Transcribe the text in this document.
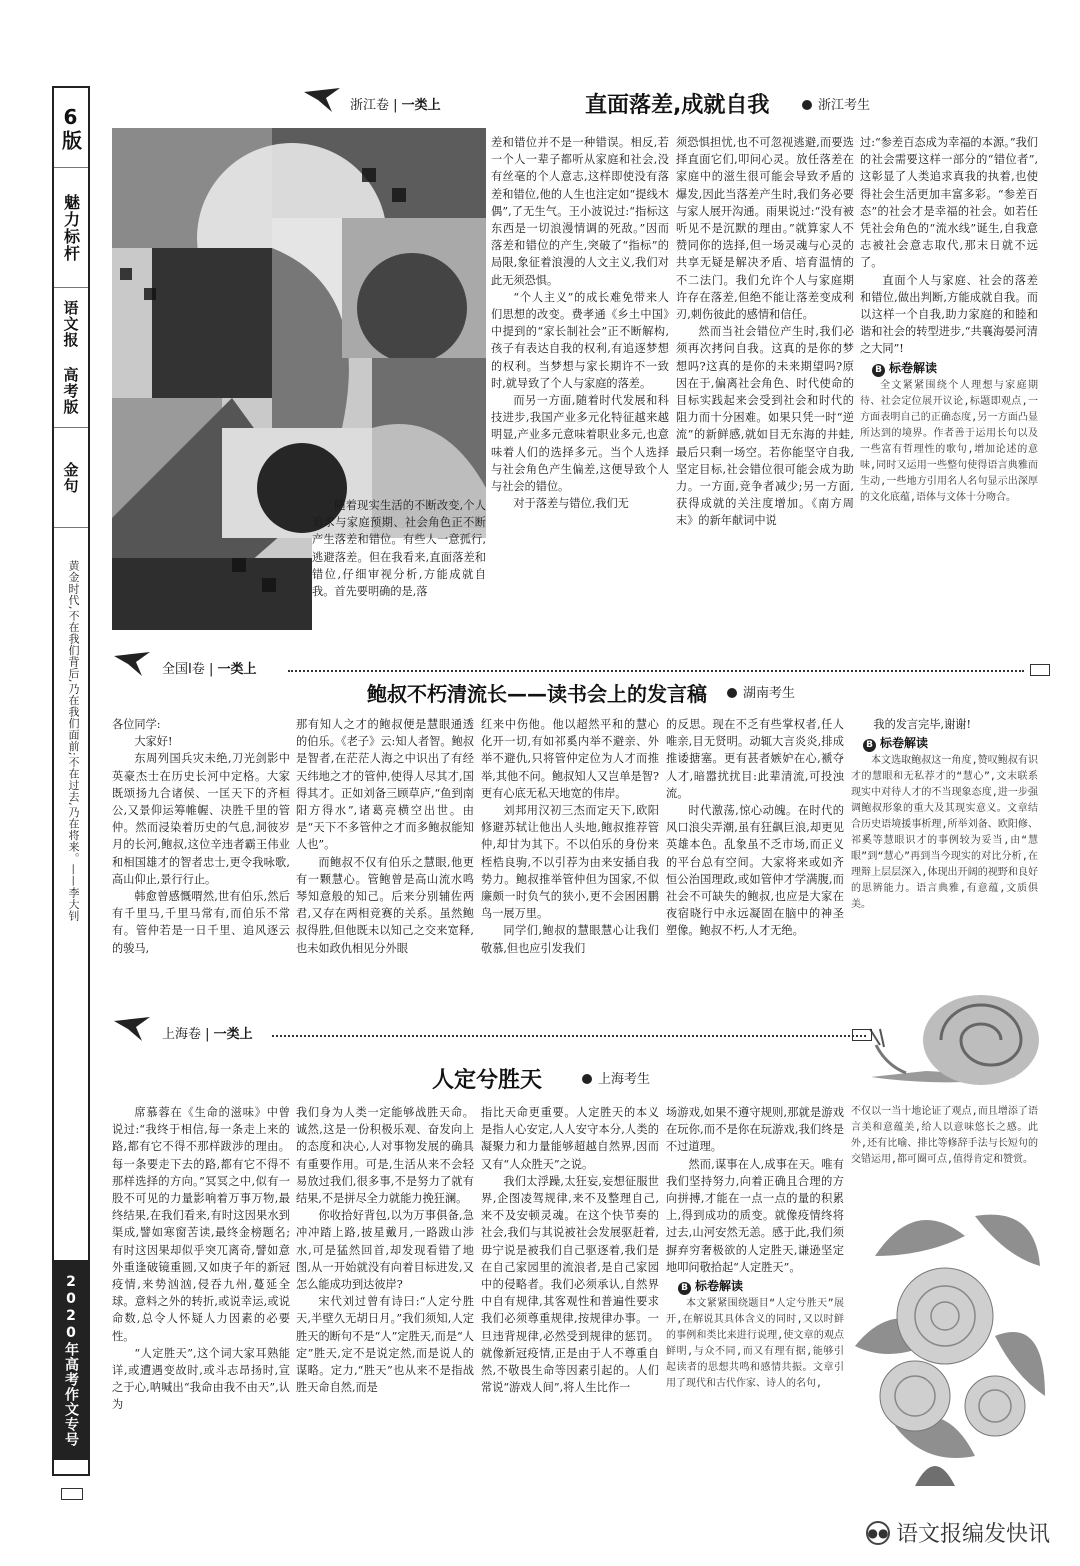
6版
魅力标杆
语文报 高考版
金句
2020年高考作文专号
黄金时代,不在我们背后,乃在我们面前;不在过去,乃在将来。——李大钊
浙江卷 | 一类上	直面落差,成就自我	浙江考生

随着现实生活的不断改变,个人追求与家庭预期、社会角色正不断产生落差和错位。有些人一意孤行,逃避落差。但在我看来,直面落差和错位,仔细审视分析,方能成就自我。首先要明确的是,落

差和错位并不是一种错误。相反,若一个人一辈子都听从家庭和社会,没有丝毫的个人意志,这样即使没有落差和错位,他的人生也注定如“提线木偶”,了无生气。王小波说过:“指标这东西是一切浪漫情调的死敌。”因而落差和错位的产生,突破了“指标”的局限,象征着浪漫的人文主义,我们对此无须恐惧。

“个人主义”的成长难免带来人们思想的改变。费孝通《乡土中国》中提到的“家长制社会”正不断解构,孩子有表达自我的权利,有追逐梦想的权利。当梦想与家长期许不一致时,就导致了个人与家庭的落差。

而另一方面,随着时代发展和科技进步,我国产业多元化特征越来越明显,产业多元意味着职业多元,也意味着人们的选择多元。当个人选择与社会角色产生偏差,这便导致个人与社会的错位。

对于落差与错位,我们无

须恐惧担忧,也不可忽视逃避,而要选择直面它们,叩问心灵。放任落差在家庭中的滋生很可能会导致矛盾的爆发,因此当落差产生时,我们务必要与家人展开沟通。雨果说过:“没有被听见不是沉默的理由。”就算家人不赞同你的选择,但一场灵魂与心灵的共享无疑是解决矛盾、培育温情的不二法门。我们允许个人与家庭期许存在落差,但绝不能让落差变成利刃,刺伤彼此的感情和信任。

然而当社会错位产生时,我们必须再次拷问自我。这真的是你的梦想吗?这真的是你的未来期望吗?原因在于,偏离社会角色、时代使命的目标实践起来会受到社会和时代的阻力而十分困难。如果只凭一时“逆流”的新鲜感,就如目无东海的井蛙,最后只剩一场空。若你能坚守自我,坚定目标,社会错位很可能会成为助力。一方面,竞争者减少;另一方面,获得成就的关注度增加。《南方周末》的新年献词中说

过:“参差百态成为幸福的本源。”我们的社会需要这样一部分的“错位者”,这彰显了人类追求真我的执着,也使得社会生活更加丰富多彩。“参差百态”的社会才是幸福的社会。如若任凭社会角色的“流水线”诞生,自我意志被社会意志取代,那末日就不远了。

直面个人与家庭、社会的落差和错位,做出判断,方能成就自我。而以这样一个自我,助力家庭的和睦和谐和社会的转型进步,“共襄海晏河清之大同”!

B 标卷解读

全文紧紧围绕个人理想与家庭期待、社会定位展开议论,标题即观点,一方面表明自己的正确态度,另一方面凸显所达到的境界。作者善于运用长句以及一些富有哲理性的歌句,增加论述的意味,同时又运用一些整句使得语言典雅而生动,一些地方引用名人名句显示出深厚的文化底蕴,语体与文体十分吻合。

全国Ⅰ卷 | 一类上
鲍叔不朽清流长——读书会上的发言稿	湖南考生

各位同学:

大家好!

东周列国兵灾未绝,刀光剑影中英豪杰士在历史长河中定格。大家既颂扬九合诸侯、一匡天下的齐桓公,又景仰运筹帷幄、决胜千里的管仲。然而浸染着历史的气息,洞彼岁月的长河,鲍叔,这位辛违者霸王伟业和相国雄才的智者忠士,更令我咏歌,高山仰止,景行行止。

韩愈曾感慨喟然,世有伯乐,然后有千里马,千里马常有,而伯乐不常有。管仲若是一日千里、追风逐云的骏马,

那有知人之才的鲍叔便是慧眼通透的伯乐。《老子》云:知人者智。鲍叔是智者,在茫茫人海之中识出了有经天纬地之才的管仲,使得人尽其才,国得其才。正如刘备三顾草庐,“鱼到南阳方得水”,诸葛亮横空出世。由是“天下不多管仲之才而多鲍叔能知人也”。

而鲍叔不仅有伯乐之慧眼,他更有一颗慧心。管鲍曾是高山流水鸣琴知意般的知己。后来分别辅佐两君,又存在两相竞赛的关系。虽然鲍叔得胜,但他既未以知己之交来宽释,也未如政仇相见分外眼

红来中伤他。他以超然平和的慧心化开一切,有如祁奚内举不避亲、外举不避仇,只将管仲定位为人才而推举,其他不问。鲍叔知人又岂单是智?更有心底无私天地宽的伟岸。

刘邦用汉初三杰而定天下,欧阳修避苏轼让他出人头地,鲍叔推荐管仲,却甘为其下。不以伯乐的身份来桎梏良驹,不以引荐为由来安插自我势力。鲍叔推举管仲但为国家,不似廉颇一时负气的狭小,更不会困困鹏鸟一展万里。

同学们,鲍叔的慧眼慧心让我们敬慕,但也应引发我们

的反思。现在不乏有些掌权者,任人唯亲,目无贤明。动辄大言炎炎,排成推诿搪塞。更有甚者嫉妒在心,褫夺人才,暗嚣扰扰目:此辈清流,可投浊流。

时代激荡,惊心动魄。在时代的风口浪尖弄潮,虽有狂飙巨浪,却更见英雄本色。乱象虽不乏市场,而正义的平台总有空间。大家将来或如齐恒公治国理政,或如管仲才学满腹,而社会不可缺失的鲍叔,也应是大家在夜宿晓行中永远凝固在脑中的神圣塑像。鲍叔不朽,人才无绝。

我的发言完毕,谢谢!

B 标卷解读

本文选取鲍叔这一角度,赞叹鲍叔有识才的慧眼和无私荐才的“慧心”,文末联系现实中对待人才的不当现象态度,进一步强调鲍叔形象的重大及其现实意义。文章结合历史语境援事析理,所举刘备、欧阳修、祁奚等慧眼识才的事例较为妥当,由“慧眼”到“慧心”再到当今现实的对比分析,在理辩上层层深入,体现出开阔的视野和良好的思辨能力。语言典雅,有意蕴,文质俱美。

上海卷 | 一类上
人定兮胜天	上海考生

席慕蓉在《生命的滋味》中曾说过:“我终于相信,每一条走上来的路,都有它不得不那样跋涉的理由。每一条要走下去的路,都有它不得不那样选择的方向。”冥冥之中,似有一股不可见的力量影响着万事万物,最终结果,在我们看来,有时这因果水到渠成,譬如寒窗苦读,最终金榜题名;有时这因果却似乎突兀离奇,譬如意外重逢破镜重圆,又如庚子年的新冠疫情,来势汹汹,侵吞九州,蔓延全球。意料之外的转折,或说幸运,或说命数,总令人怀疑人力因素的必要性。

“人定胜天”,这个词大家耳熟能详,或遭遇变故时,或斗志昂扬时,宣之于心,呐喊出“我命由我不由天”,认为

我们身为人类一定能够战胜天命。诚然,这是一份积极乐观、奋发向上的态度和决心,人对事物发展的确具有重要作用。可是,生活从来不会轻易放过我们,很多事,不是努力了就有结果,不是拼尽全力就能力挽狂澜。

你收拾好背包,以为万事俱备,急冲冲踏上路,披星戴月,一路跋山涉水,可是猛然回首,却发现看错了地图,从一开始就没有向着目标进发,又怎么能成功到达彼岸?

宋代刘过曾有诗曰:“人定兮胜天,半壁久无胡日月。”我们须知,人定胜天的断句不是“人”定胜天,而是“人定”胜天,定不是说定然,而是说人的谋略。定力,“胜天”也从来不是指战胜天命自然,而是

指比天命更重要。人定胜天的本义是指人心安定,人人安守本分,人类的凝聚力和力量能够超越自然界,因而又有“人众胜天”之说。

我们太浮躁,太狂妄,妄想征服世界,企图凌驾规律,来不及整理自己,来不及安顿灵魂。在这个快节奏的社会,我们与其说被社会发展驱赶着,毋宁说是被我们自己驱逐着,我们是在自己家园里的流浪者,是自己家园中的侵略者。我们必须承认,自然界中自有规律,其客观性和普遍性要求我们必须尊重规律,按规律办事。一旦违背规律,必然受到规律的惩罚。就像新冠疫情,正是由于人不尊重自然,不敬畏生命等因素引起的。人们常说“游戏人间”,将人生比作一

场游戏,如果不遵守规则,那就是游戏在玩你,而不是你在玩游戏,我们终是不过道理。

然而,谋事在人,成事在天。唯有我们坚持努力,向着正确且合理的方向拼搏,才能在一点一点的量的积累上,得到成功的质变。就像疫情终将过去,山河安然无恙。感于此,我们须摒弃穷奢极欲的人定胜天,谦逊坚定地叩问敬拾起“人定胜天”。

B 标卷解读

本文紧紧围绕题目“人定兮胜天”展开,在解说其具体含义的同时,又以时鲜的事例和类比来进行说理,使文章的观点鲜明,与众不同,而又有理有据,能够引起读者的思想共鸣和感情共振。文章引用了现代和古代作家、诗人的名句,

不仅以一当十地论证了观点,而且增添了语言美和意蕴美,给人以意味悠长之感。此外,还有比喻、排比等修辞手法与长短句的交错运用,都可圈可点,值得肯定和赞赏。

●● 语文报编发快讯
